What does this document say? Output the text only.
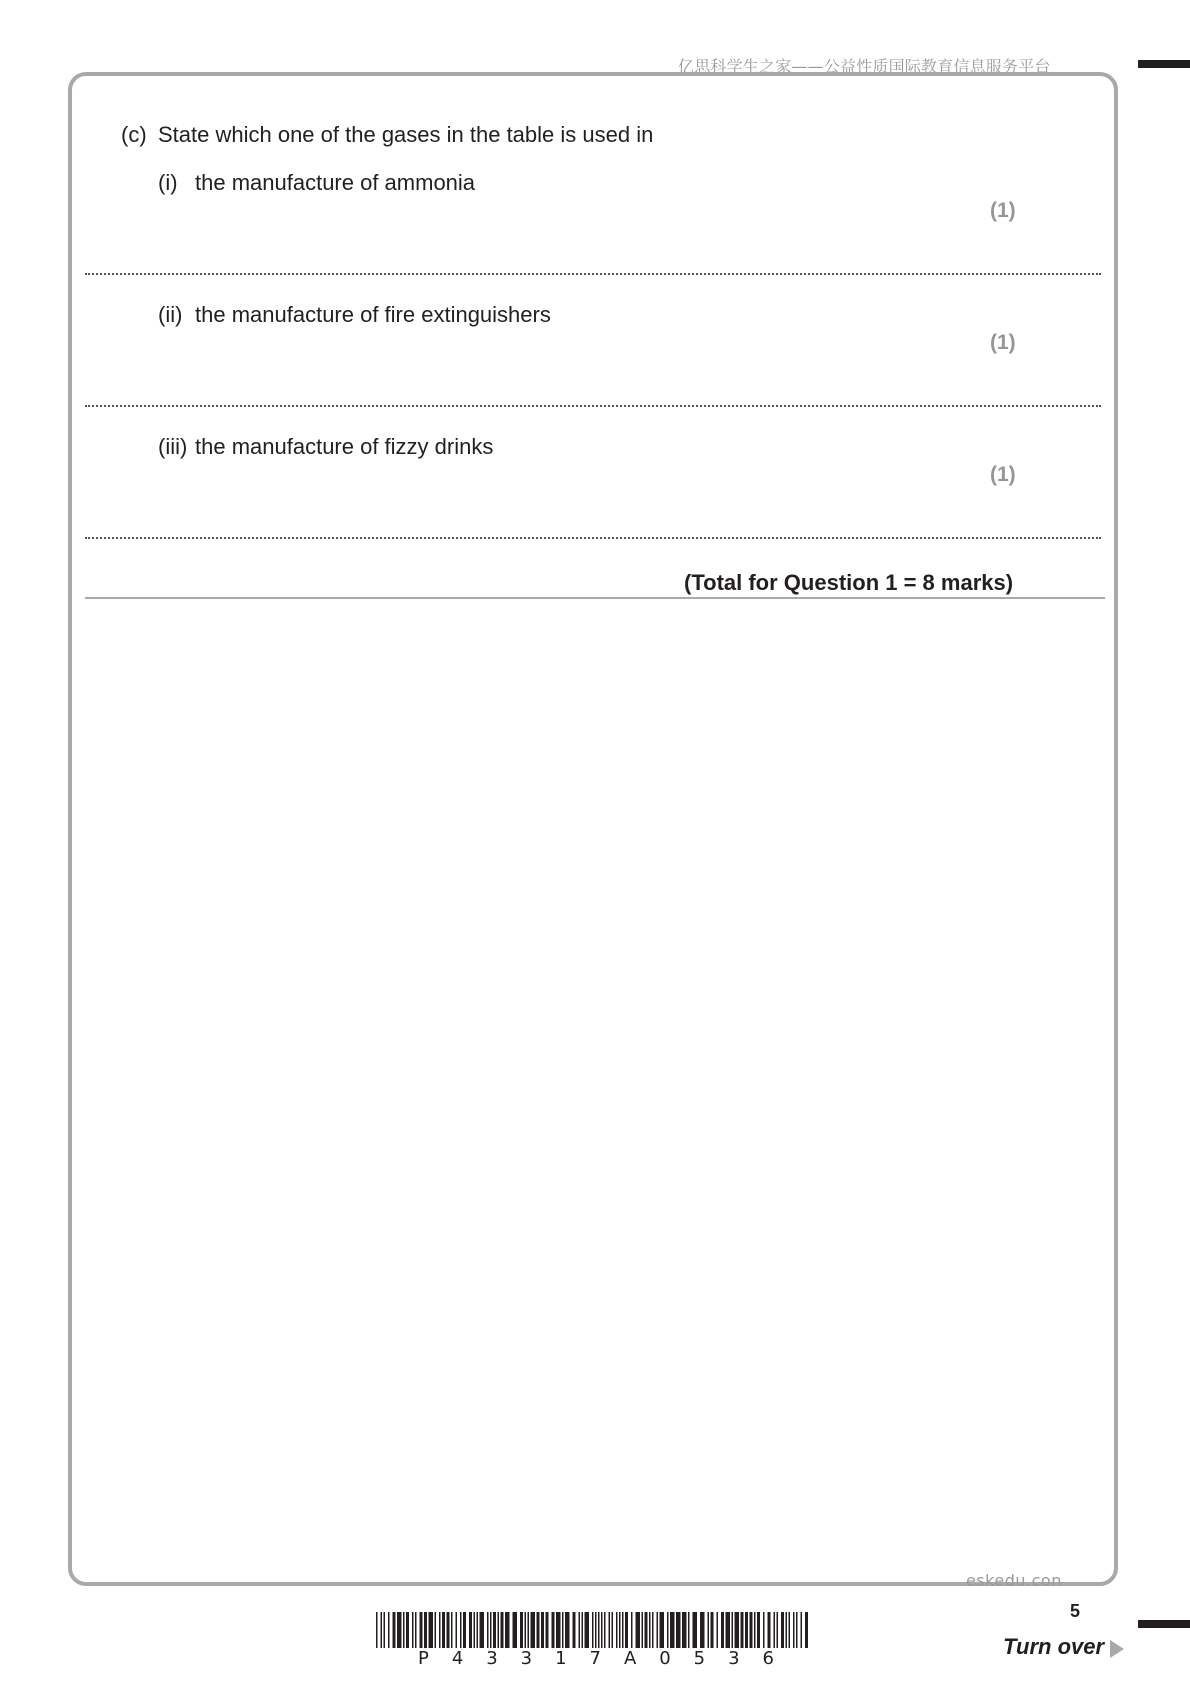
亿思科学生之家——公益性质国际教育信息服务平台
(c) State which one of the gases in the table is used in
(i) the manufacture of ammonia
(1)
(ii) the manufacture of fire extinguishers
(1)
(iii) the manufacture of fizzy drinks
(1)
(Total for Question 1 = 8 marks)
eskedu.con
5
Turn over
P 4 3 3 1 7 A 0 5 3 6
